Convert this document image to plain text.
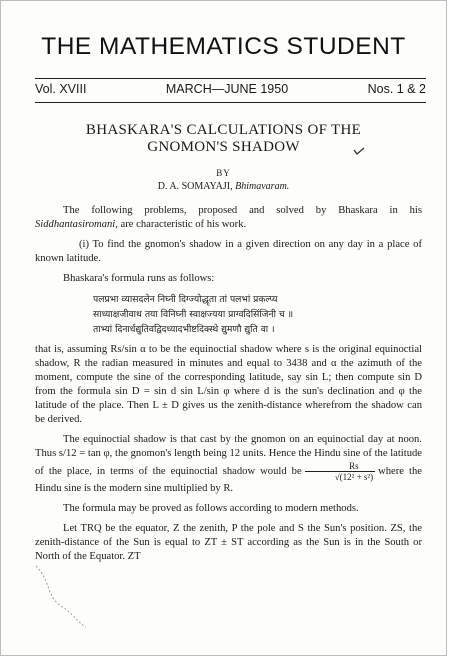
THE MATHEMATICS STUDENT
Vol. XVIII	MARCH—JUNE 1950	Nos. 1 & 2
BHASKARA'S CALCULATIONS OF THE
GNOMON'S SHADOW
BY
D. A. SOMAYAJI, Bhimavaram.

The following problems, proposed and solved by Bhaskara in his Siddhantasiromani, are characteristic of his work.

(i) To find the gnomon's shadow in a given direction on any day in a place of known latitude.

Bhaskara's formula runs as follows:

पलप्रभा व्यासदलेन निघ्नी दिग्ज्योद्धृता तां पलभां प्रकल्प्य
साध्याक्षजीवाथ तया विनिघ्नी स्वाक्षज्यया प्राग्वदिसिंजिनी च ॥
ताभ्यां दिनार्धद्युतिवद्विदध्यादभीष्टदिक्स्थे द्युमणौ द्युति वा ।

that is, assuming Rs/sin α to be the equinoctial shadow where s is the original equinoctial shadow, R the radian measured in minutes and equal to 3438 and α the azimuth of the moment, compute the sine of the corresponding latitude, say sin L; then compute sin D from the formula sin D = sin d sin L/sin φ where d is the sun's declination and φ the latitude of the place. Then L ± D gives us the zenith-distance wherefrom the shadow can be derived.

The equinoctial shadow is that cast by the gnomon on an equinoctial day at noon. Thus s/12 = tan φ, the gnomon's length being 12 units. Hence the Hindu sine of the latitude of the place, in terms of the equinoctial shadow would be $\frac{Rs}{\text{√(12² + s²)}}$ where the Hindu sine is the modern sine multiplied by R.

The formula may be proved as follows according to modern methods.

Let TRQ be the equator, Z the zenith, P the pole and S the Sun's position. ZS, the zenith-distance of the Sun is equal to ZT ± ST according as the Sun is in the South or North of the Equator. ZT
